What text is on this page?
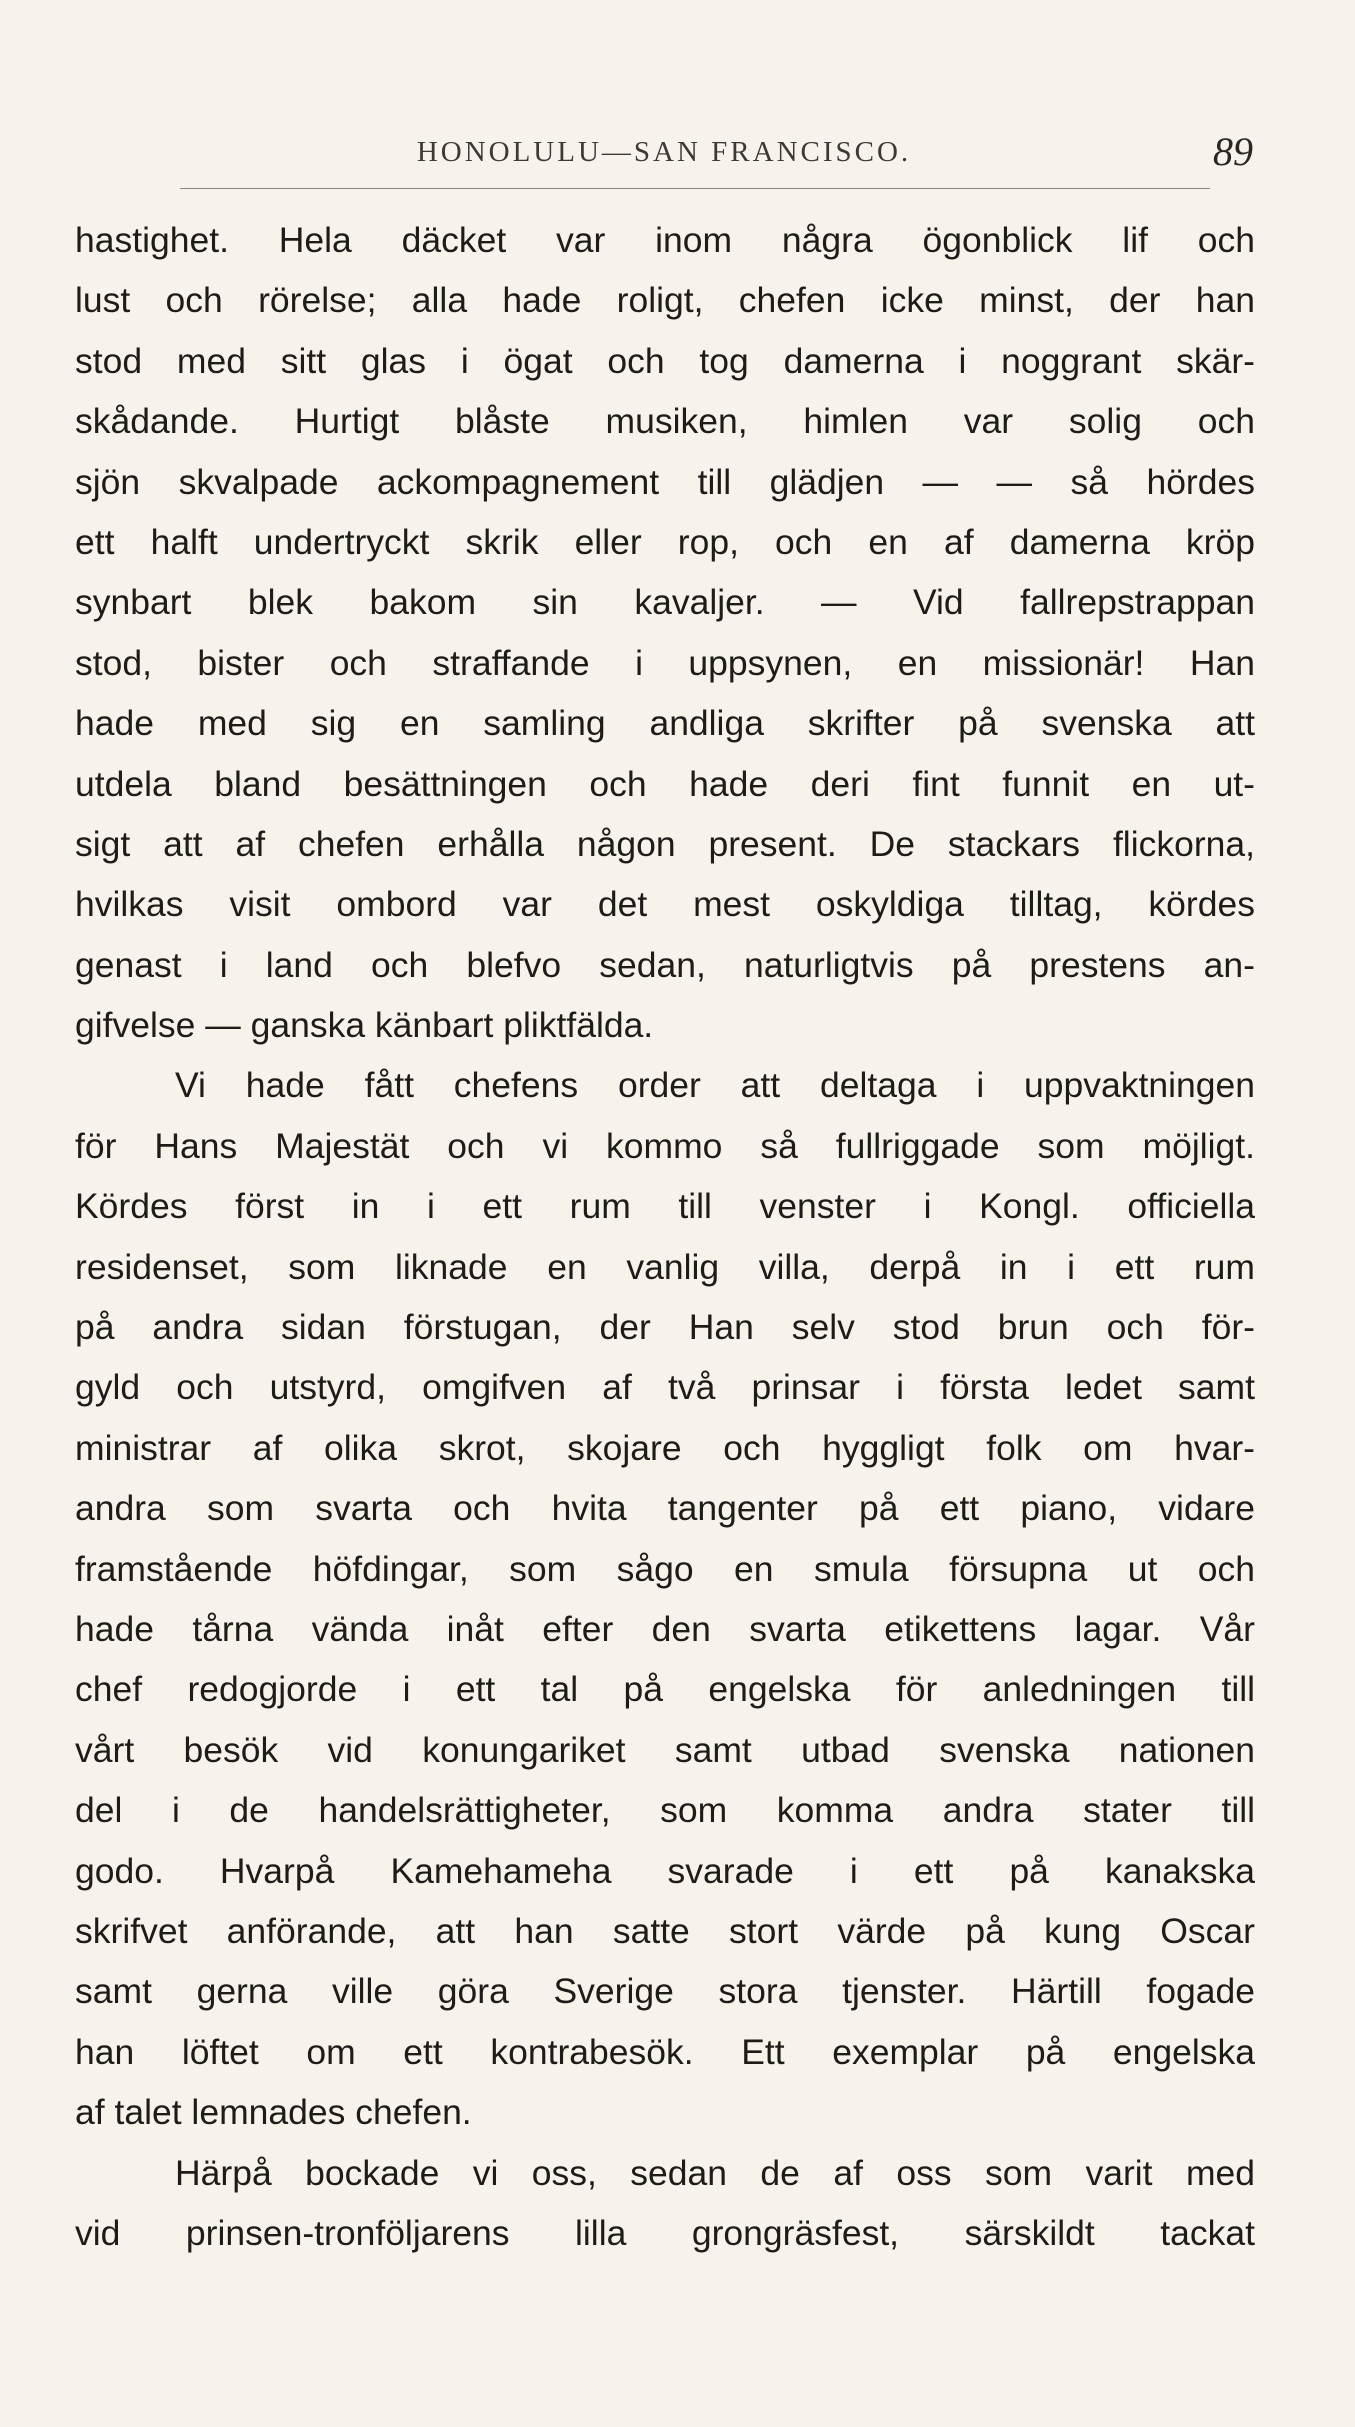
HONOLULU—SAN FRANCISCO.	89
hastighet. Hela däcket var inom några ögonblick lif och
lust och rörelse; alla hade roligt, chefen icke minst, der han
stod med sitt glas i ögat och tog damerna i noggrant skär-
skådande. Hurtigt blåste musiken, himlen var solig och
sjön skvalpade ackompagnement till glädjen — — så hördes
ett halft undertryckt skrik eller rop, och en af damerna kröp
synbart blek bakom sin kavaljer. — Vid fallrepstrappan
stod, bister och straffande i uppsynen, en missionär! Han
hade med sig en samling andliga skrifter på svenska att
utdela bland besättningen och hade deri fint funnit en ut-
sigt att af chefen erhålla någon present. De stackars flickorna,
hvilkas visit ombord var det mest oskyldiga tilltag, kördes
genast i land och blefvo sedan, naturligtvis på prestens an-
gifvelse — ganska känbart pliktfälda.
Vi hade fått chefens order att deltaga i uppvaktningen
för Hans Majestät och vi kommo så fullriggade som möjligt.
Kördes först in i ett rum till venster i Kongl. officiella
residenset, som liknade en vanlig villa, derpå in i ett rum
på andra sidan förstugan, der Han selv stod brun och för-
gyld och utstyrd, omgifven af två prinsar i första ledet samt
ministrar af olika skrot, skojare och hyggligt folk om hvar-
andra som svarta och hvita tangenter på ett piano, vidare
framstående höfdingar, som sågo en smula försupna ut och
hade tårna vända inåt efter den svarta etikettens lagar. Vår
chef redogjorde i ett tal på engelska för anledningen till
vårt besök vid konungariket samt utbad svenska nationen
del i de handelsrättigheter, som komma andra stater till
godo. Hvarpå Kamehameha svarade i ett på kanakska
skrifvet anförande, att han satte stort värde på kung Oscar
samt gerna ville göra Sverige stora tjenster. Härtill fogade
han löftet om ett kontrabesök. Ett exemplar på engelska
af talet lemnades chefen.
Härpå bockade vi oss, sedan de af oss som varit med
vid prinsen-tronföljarens lilla grongräsfest, särskildt tackat
